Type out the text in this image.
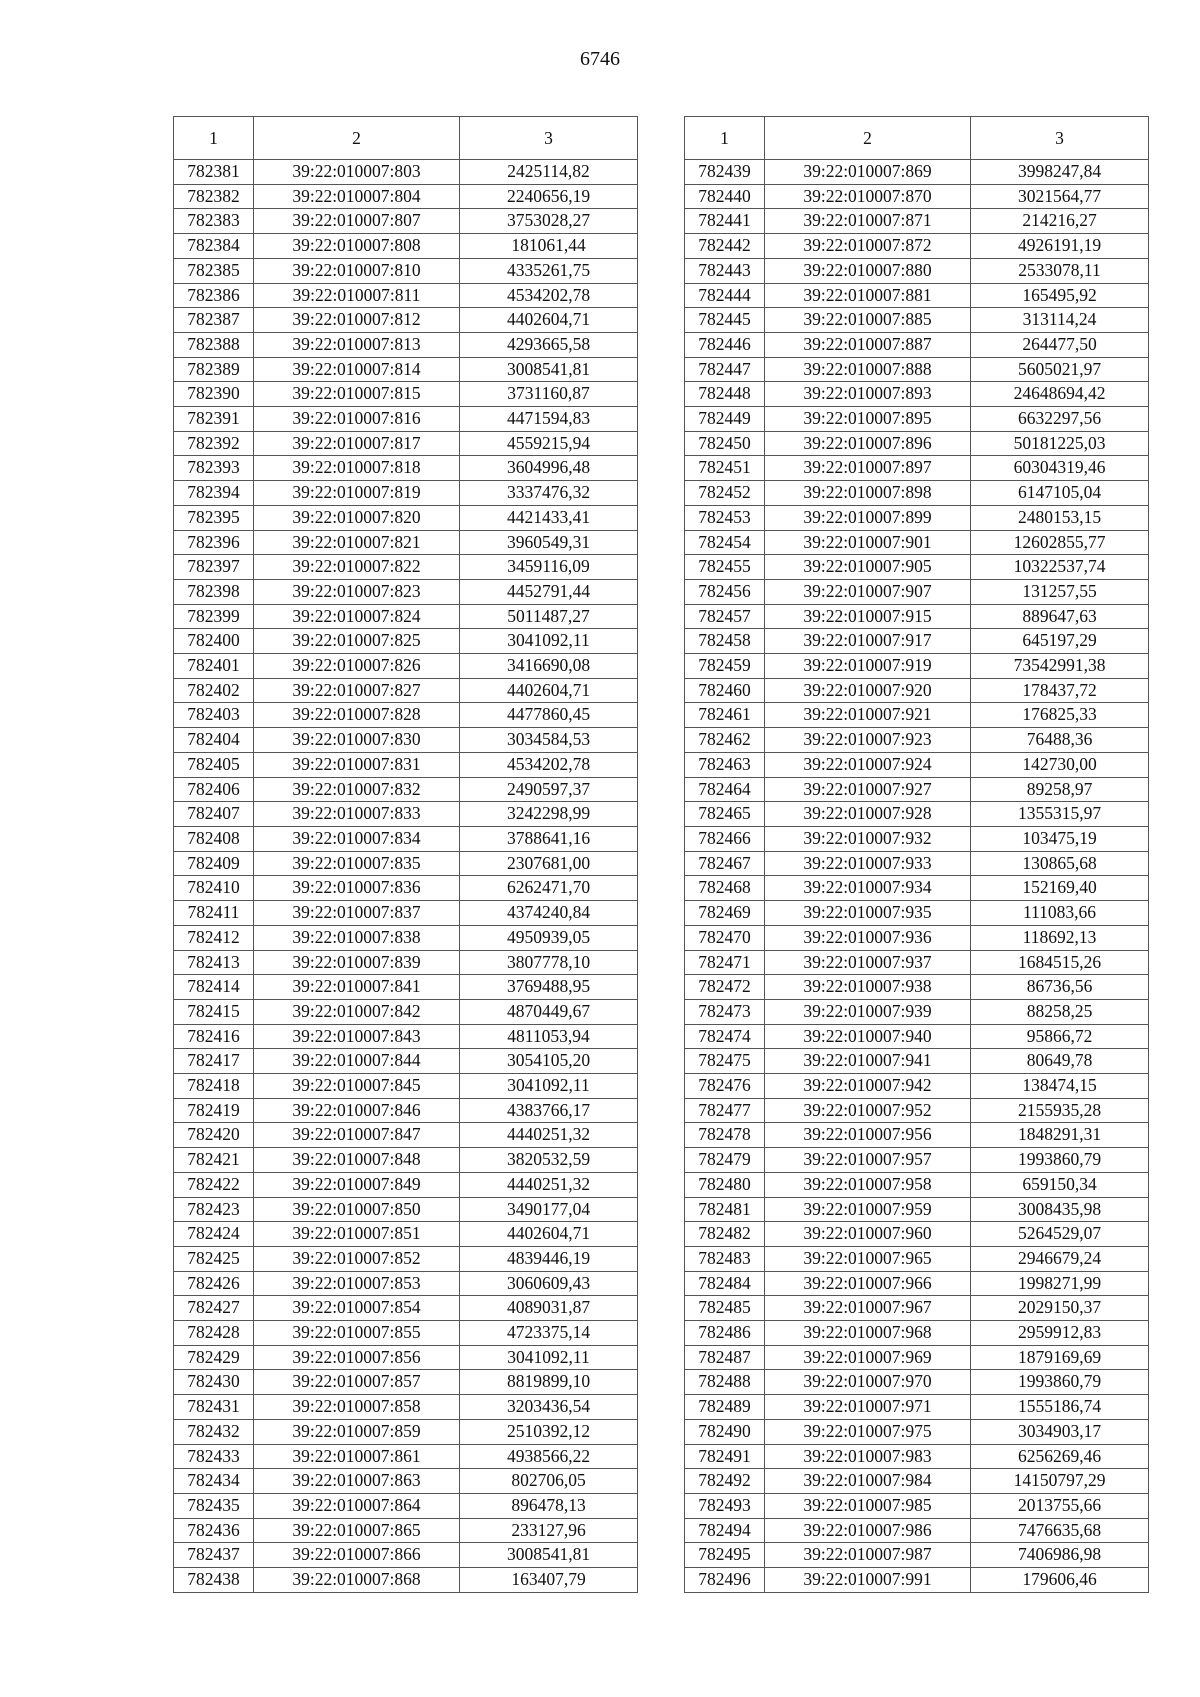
6746
1	2	3
782381	39:22:010007:803	2425114,82
782382	39:22:010007:804	2240656,19
782383	39:22:010007:807	3753028,27
782384	39:22:010007:808	181061,44
782385	39:22:010007:810	4335261,75
782386	39:22:010007:811	4534202,78
782387	39:22:010007:812	4402604,71
782388	39:22:010007:813	4293665,58
782389	39:22:010007:814	3008541,81
782390	39:22:010007:815	3731160,87
782391	39:22:010007:816	4471594,83
782392	39:22:010007:817	4559215,94
782393	39:22:010007:818	3604996,48
782394	39:22:010007:819	3337476,32
782395	39:22:010007:820	4421433,41
782396	39:22:010007:821	3960549,31
782397	39:22:010007:822	3459116,09
782398	39:22:010007:823	4452791,44
782399	39:22:010007:824	5011487,27
782400	39:22:010007:825	3041092,11
782401	39:22:010007:826	3416690,08
782402	39:22:010007:827	4402604,71
782403	39:22:010007:828	4477860,45
782404	39:22:010007:830	3034584,53
782405	39:22:010007:831	4534202,78
782406	39:22:010007:832	2490597,37
782407	39:22:010007:833	3242298,99
782408	39:22:010007:834	3788641,16
782409	39:22:010007:835	2307681,00
782410	39:22:010007:836	6262471,70
782411	39:22:010007:837	4374240,84
782412	39:22:010007:838	4950939,05
782413	39:22:010007:839	3807778,10
782414	39:22:010007:841	3769488,95
782415	39:22:010007:842	4870449,67
782416	39:22:010007:843	4811053,94
782417	39:22:010007:844	3054105,20
782418	39:22:010007:845	3041092,11
782419	39:22:010007:846	4383766,17
782420	39:22:010007:847	4440251,32
782421	39:22:010007:848	3820532,59
782422	39:22:010007:849	4440251,32
782423	39:22:010007:850	3490177,04
782424	39:22:010007:851	4402604,71
782425	39:22:010007:852	4839446,19
782426	39:22:010007:853	3060609,43
782427	39:22:010007:854	4089031,87
782428	39:22:010007:855	4723375,14
782429	39:22:010007:856	3041092,11
782430	39:22:010007:857	8819899,10
782431	39:22:010007:858	3203436,54
782432	39:22:010007:859	2510392,12
782433	39:22:010007:861	4938566,22
782434	39:22:010007:863	802706,05
782435	39:22:010007:864	896478,13
782436	39:22:010007:865	233127,96
782437	39:22:010007:866	3008541,81
782438	39:22:010007:868	163407,79
1	2	3
782439	39:22:010007:869	3998247,84
782440	39:22:010007:870	3021564,77
782441	39:22:010007:871	214216,27
782442	39:22:010007:872	4926191,19
782443	39:22:010007:880	2533078,11
782444	39:22:010007:881	165495,92
782445	39:22:010007:885	313114,24
782446	39:22:010007:887	264477,50
782447	39:22:010007:888	5605021,97
782448	39:22:010007:893	24648694,42
782449	39:22:010007:895	6632297,56
782450	39:22:010007:896	50181225,03
782451	39:22:010007:897	60304319,46
782452	39:22:010007:898	6147105,04
782453	39:22:010007:899	2480153,15
782454	39:22:010007:901	12602855,77
782455	39:22:010007:905	10322537,74
782456	39:22:010007:907	131257,55
782457	39:22:010007:915	889647,63
782458	39:22:010007:917	645197,29
782459	39:22:010007:919	73542991,38
782460	39:22:010007:920	178437,72
782461	39:22:010007:921	176825,33
782462	39:22:010007:923	76488,36
782463	39:22:010007:924	142730,00
782464	39:22:010007:927	89258,97
782465	39:22:010007:928	1355315,97
782466	39:22:010007:932	103475,19
782467	39:22:010007:933	130865,68
782468	39:22:010007:934	152169,40
782469	39:22:010007:935	111083,66
782470	39:22:010007:936	118692,13
782471	39:22:010007:937	1684515,26
782472	39:22:010007:938	86736,56
782473	39:22:010007:939	88258,25
782474	39:22:010007:940	95866,72
782475	39:22:010007:941	80649,78
782476	39:22:010007:942	138474,15
782477	39:22:010007:952	2155935,28
782478	39:22:010007:956	1848291,31
782479	39:22:010007:957	1993860,79
782480	39:22:010007:958	659150,34
782481	39:22:010007:959	3008435,98
782482	39:22:010007:960	5264529,07
782483	39:22:010007:965	2946679,24
782484	39:22:010007:966	1998271,99
782485	39:22:010007:967	2029150,37
782486	39:22:010007:968	2959912,83
782487	39:22:010007:969	1879169,69
782488	39:22:010007:970	1993860,79
782489	39:22:010007:971	1555186,74
782490	39:22:010007:975	3034903,17
782491	39:22:010007:983	6256269,46
782492	39:22:010007:984	14150797,29
782493	39:22:010007:985	2013755,66
782494	39:22:010007:986	7476635,68
782495	39:22:010007:987	7406986,98
782496	39:22:010007:991	179606,46
